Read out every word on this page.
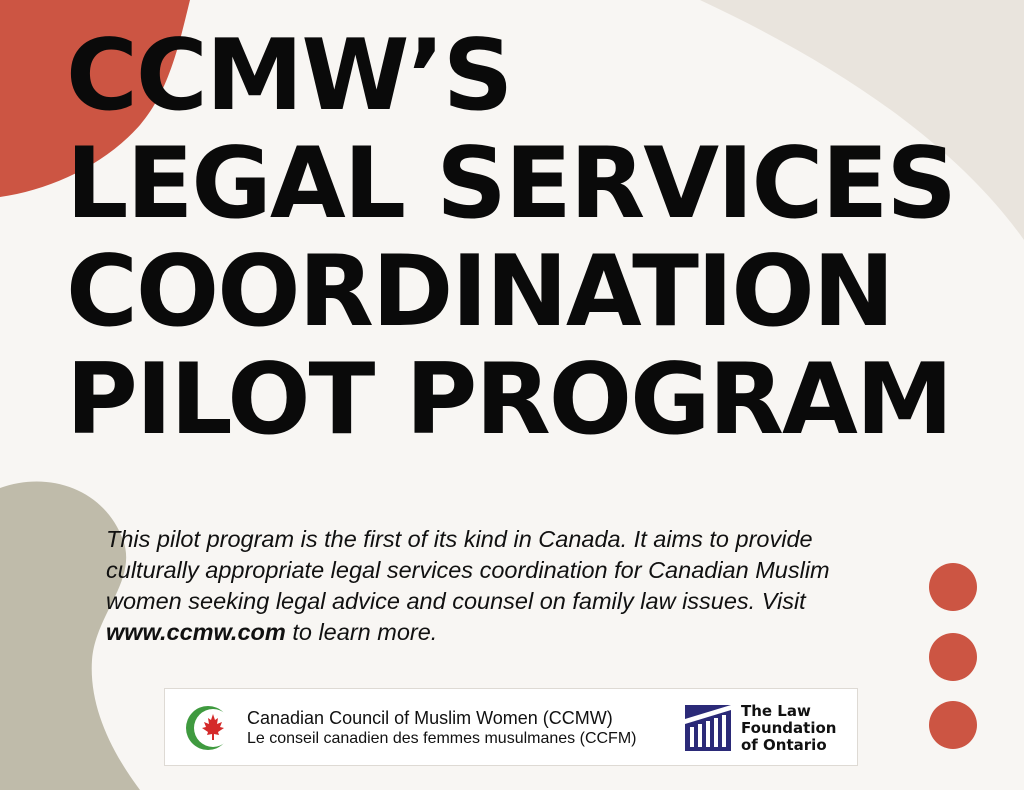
CCMW’S
LEGAL SERVICES
COORDINATION
PILOT PROGRAM

This pilot program is the first of its kind in Canada. It aims to provide culturally appropriate legal services coordination for Canadian Muslim women seeking legal advice and counsel on family law issues. Visit www.ccmw.com to learn more.

Canadian Council of Muslim Women (CCMW)
Le conseil canadien des femmes musulmanes (CCFM)
The Law
Foundation
of Ontario
